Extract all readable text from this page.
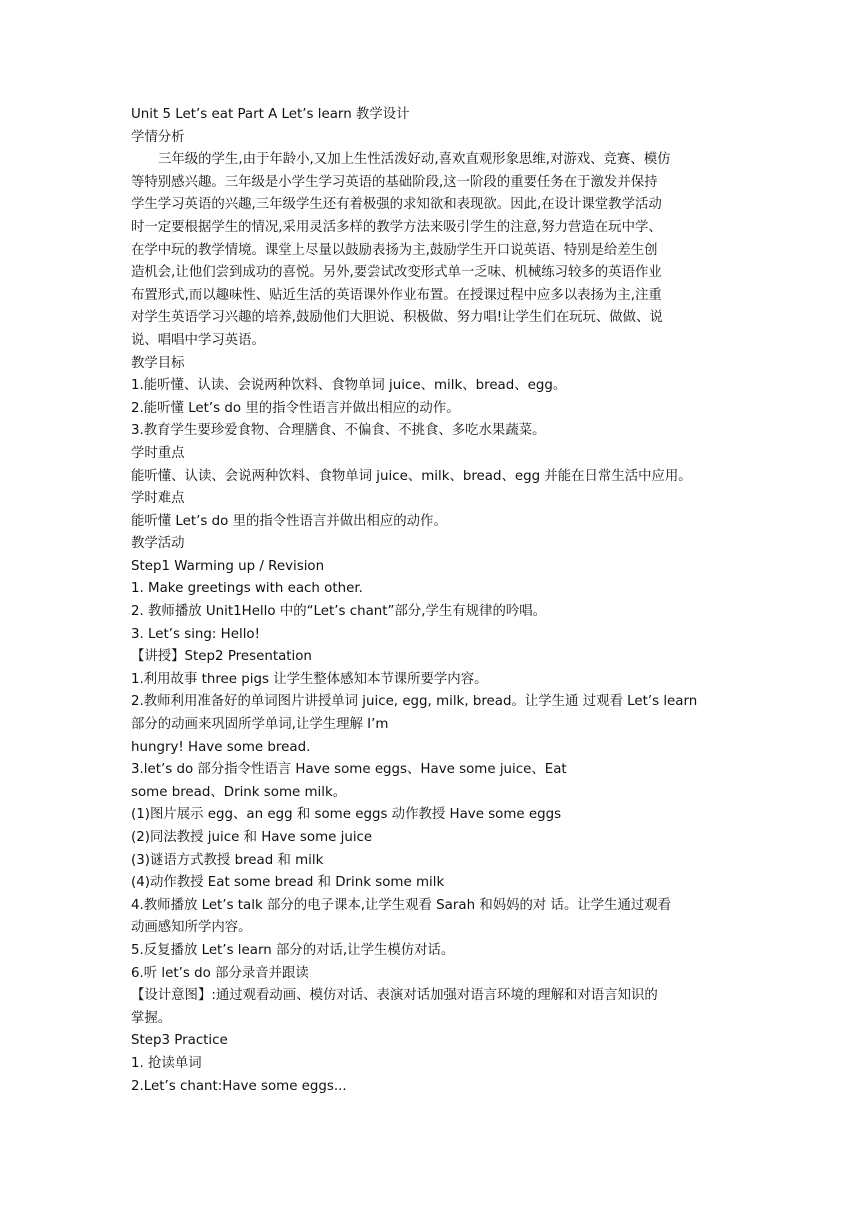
Unit 5 Let’s eat Part A Let’s learn 教学设计
学情分析
三年级的学生,由于年龄小,又加上生性活泼好动,喜欢直观形象思维,对游戏、竞赛、模仿
等特别感兴趣。三年级是小学生学习英语的基础阶段,这一阶段的重要任务在于激发并保持
学生学习英语的兴趣,三年级学生还有着极强的求知欲和表现欲。因此,在设计课堂教学活动
时一定要根据学生的情况,采用灵活多样的教学方法来吸引学生的注意,努力营造在玩中学、
在学中玩的教学情境。课堂上尽量以鼓励表扬为主,鼓励学生开口说英语、特别是给差生创
造机会,让他们尝到成功的喜悦。另外,要尝试改变形式单一乏味、机械练习较多的英语作业
布置形式,而以趣味性、贴近生活的英语课外作业布置。在授课过程中应多以表扬为主,注重
对学生英语学习兴趣的培养,鼓励他们大胆说、积极做、努力唱!让学生们在玩玩、做做、说
说、唱唱中学习英语。
教学目标
1.能听懂、认读、会说两种饮料、食物单词 juice、milk、bread、egg。
2.能听懂 Let’s do 里的指令性语言并做出相应的动作。
3.教育学生要珍爱食物、合理膳食、不偏食、不挑食、多吃水果蔬菜。
学时重点
能听懂、认读、会说两种饮料、食物单词 juice、milk、bread、egg 并能在日常生活中应用。
学时难点
能听懂 Let’s do 里的指令性语言并做出相应的动作。
教学活动
Step1 Warming up / Revision
1. Make greetings with each other.
2. 教师播放 Unit1Hello 中的“Let’s chant”部分,学生有规律的吟唱。
3. Let’s sing: Hello!
【讲授】Step2 Presentation
1.利用故事 three pigs 让学生整体感知本节课所要学内容。
2.教师利用准备好的单词图片讲授单词 juice, egg, milk, bread。让学生通 过观看 Let’s learn
部分的动画来巩固所学单词,让学生理解 I’m
hungry! Have some bread.
3.let’s do 部分指令性语言 Have some eggs、Have some juice、Eat
some bread、Drink some milk。
(1)图片展示 egg、an egg 和 some eggs 动作教授 Have some eggs
(2)同法教授 juice 和 Have some juice
(3)谜语方式教授 bread 和 milk
(4)动作教授 Eat some bread 和 Drink some milk
4.教师播放 Let’s talk 部分的电子课本,让学生观看 Sarah 和妈妈的对 话。让学生通过观看
动画感知所学内容。
5.反复播放 Let’s learn 部分的对话,让学生模仿对话。
6.听 let’s do 部分录音并跟读
【设计意图】:通过观看动画、模仿对话、表演对话加强对语言环境的理解和对语言知识的
掌握。
Step3 Practice
1. 抢读单词
2.Let’s chant:Have some eggs...
